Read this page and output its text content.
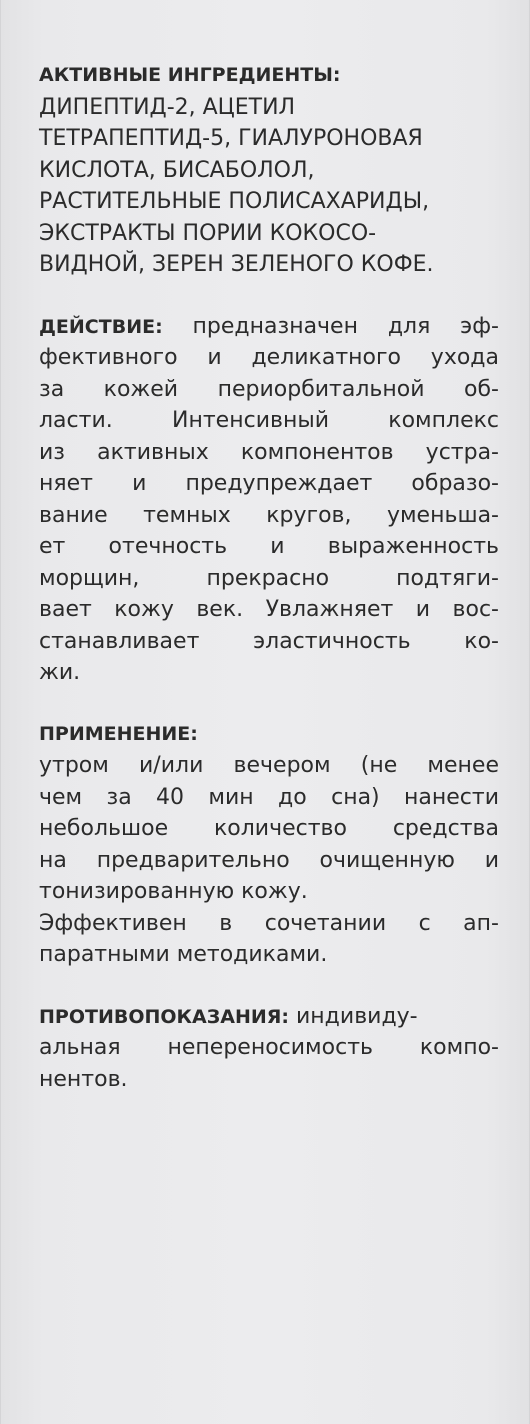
АКТИВНЫЕ ИНГРЕДИЕНТЫ:
ДИПЕПТИД-2, АЦЕТИЛ
ТЕТРАПЕПТИД-5, ГИАЛУРОНОВАЯ
КИСЛОТА, БИСАБОЛОЛ,
РАСТИТЕЛЬНЫЕ ПОЛИСАХАРИДЫ,
ЭКСТРАКТЫ ПОРИИ КОКОСО-
ВИДНОЙ, ЗЕРЕН ЗЕЛЕНОГО КОФЕ.
ДЕЙСТВИЕ: предназначен для эф-
фективного и деликатного ухода
за кожей периорбитальной об-
ласти. Интенсивный комплекс
из активных компонентов устра-
няет и предупреждает образо-
вание темных кругов, уменьша-
ет отечность и выраженность
морщин, прекрасно подтяги-
вает кожу век. Увлажняет и вос-
станавливает эластичность ко-
жи.
ПРИМЕНЕНИЕ:
утром и/или вечером (не менее
чем за 40 мин до сна) нанести
небольшое количество средства
на предварительно очищенную и
тонизированную кожу.
Эффективен в сочетании с ап-
паратными методиками.
ПРОТИВОПОКАЗАНИЯ: индивиду-
альная непереносимость компо-
нентов.
